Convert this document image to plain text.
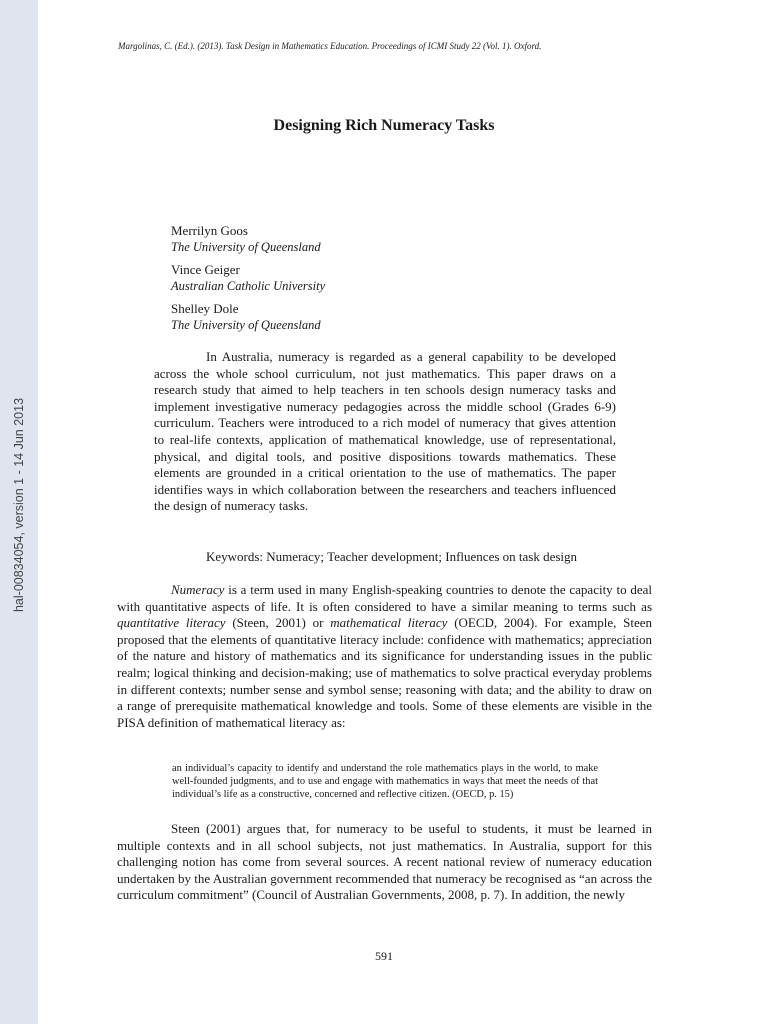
hal-00834054, version 1 - 14 Jun 2013
Margolinas, C. (Ed.). (2013). Task Design in Mathematics Education. Proceedings of ICMI Study 22 (Vol. 1). Oxford.
Designing Rich Numeracy Tasks
Merrilyn Goos
The University of Queensland
Vince Geiger
Australian Catholic University
Shelley Dole
The University of Queensland

In Australia, numeracy is regarded as a general capability to be developed across the whole school curriculum, not just mathematics. This paper draws on a research study that aimed to help teachers in ten schools design numeracy tasks and implement investigative numeracy pedagogies across the middle school (Grades 6-9) curriculum. Teachers were introduced to a rich model of numeracy that gives attention to real-life contexts, application of mathematical knowledge, use of representational, physical, and digital tools, and positive dispositions towards mathematics. These elements are grounded in a critical orientation to the use of mathematics. The paper identifies ways in which collaboration between the researchers and teachers influenced the design of numeracy tasks.

Keywords: Numeracy; Teacher development; Influences on task design

Numeracy is a term used in many English-speaking countries to denote the capacity to deal with quantitative aspects of life. It is often considered to have a similar meaning to terms such as quantitative literacy (Steen, 2001) or mathematical literacy (OECD, 2004). For example, Steen proposed that the elements of quantitative literacy include: confidence with mathematics; appreciation of the nature and history of mathematics and its significance for understanding issues in the public realm; logical thinking and decision-making; use of mathematics to solve practical everyday problems in different contexts; number sense and symbol sense; reasoning with data; and the ability to draw on a range of prerequisite mathematical knowledge and tools. Some of these elements are visible in the PISA definition of mathematical literacy as:

an individual’s capacity to identify and understand the role mathematics plays in the world, to make well-founded judgments, and to use and engage with mathematics in ways that meet the needs of that individual’s life as a constructive, concerned and reflective citizen. (OECD, p. 15)

Steen (2001) argues that, for numeracy to be useful to students, it must be learned in multiple contexts and in all school subjects, not just mathematics. In Australia, support for this challenging notion has come from several sources. A recent national review of numeracy education undertaken by the Australian government recommended that numeracy be recognised as “an across the curriculum commitment” (Council of Australian Governments, 2008, p. 7). In addition, the newly

591
